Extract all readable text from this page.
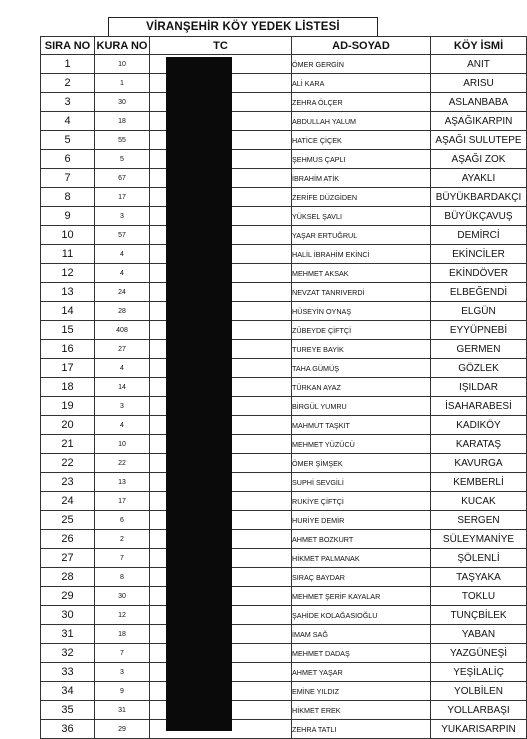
VİRANŞEHİR KÖY YEDEK LİSTESİ
SIRA NO	KURA NO	TC	AD-SOYAD	KÖY İSMİ
1	10		ÖMER GERGİN	ANIT
2	1		ALİ KARA	ARISU
3	30		ZEHRA ÖLÇER	ASLANBABA
4	18		ABDULLAH YALUM	AŞAĞIKARPIN
5	55		HATİCE ÇİÇEK	AŞAĞI SULUTEPE
6	5		ŞEHMUS ÇAPLI	AŞAĞI ZOK
7	67		İBRAHİM ATİK	AYAKLI
8	17		ZERİFE DÜZGİDEN	BÜYÜKBARDAKÇI
9	3		YÜKSEL ŞAVLI	BÜYÜKÇAVUŞ
10	57		YAŞAR ERTUĞRUL	DEMİRCİ
11	4		HALİL İBRAHİM EKİNCİ	EKİNCİLER
12	4		MEHMET AKSAK	EKİNDÖVER
13	24		NEVZAT TANRIVERDİ	ELBEĞENDİ
14	28		HÜSEYİN OYNAŞ	ELGÜN
15	408		ZÜBEYDE ÇİFTÇİ	EYYÜPNEBİ
16	27		TUREYE BAYİK	GERMEN
17	4		TAHA GÜMÜŞ	GÖZLEK
18	14		TÜRKAN AYAZ	IŞILDAR
19	3		BİRGÜL YUMRU	İSAHARABESİ
20	4		MAHMUT TAŞKIT	KADIKÖY
21	10		MEHMET YÜZÜCÜ	KARATAŞ
22	22		ÖMER ŞİMŞEK	KAVURGA
23	13		SUPHİ SEVGİLİ	KEMBERLİ
24	17		RUKİYE ÇİFTÇİ	KUCAK
25	6		HURİYE DEMİR	SERGEN
26	2		AHMET BOZKURT	SÜLEYMANİYE
27	7		HİKMET PALMANAK	ŞÖLENLİ
28	8		SIRAÇ BAYDAR	TAŞYAKA
29	30		MEHMET ŞERİF KAYALAR	TOKLU
30	12		ŞAHİDE KOLAĞASIOĞLU	TUNÇBİLEK
31	18		İMAM SAĞ	YABAN
32	7		MEHMET DADAŞ	YAZGÜNEŞİ
33	3		AHMET YAŞAR	YEŞİLALİÇ
34	9		EMİNE YILDIZ	YOLBİLEN
35	31		HİKMET EREK	YOLLARBAŞI
36	29		ZEHRA TATLI	YUKARISARPIN
